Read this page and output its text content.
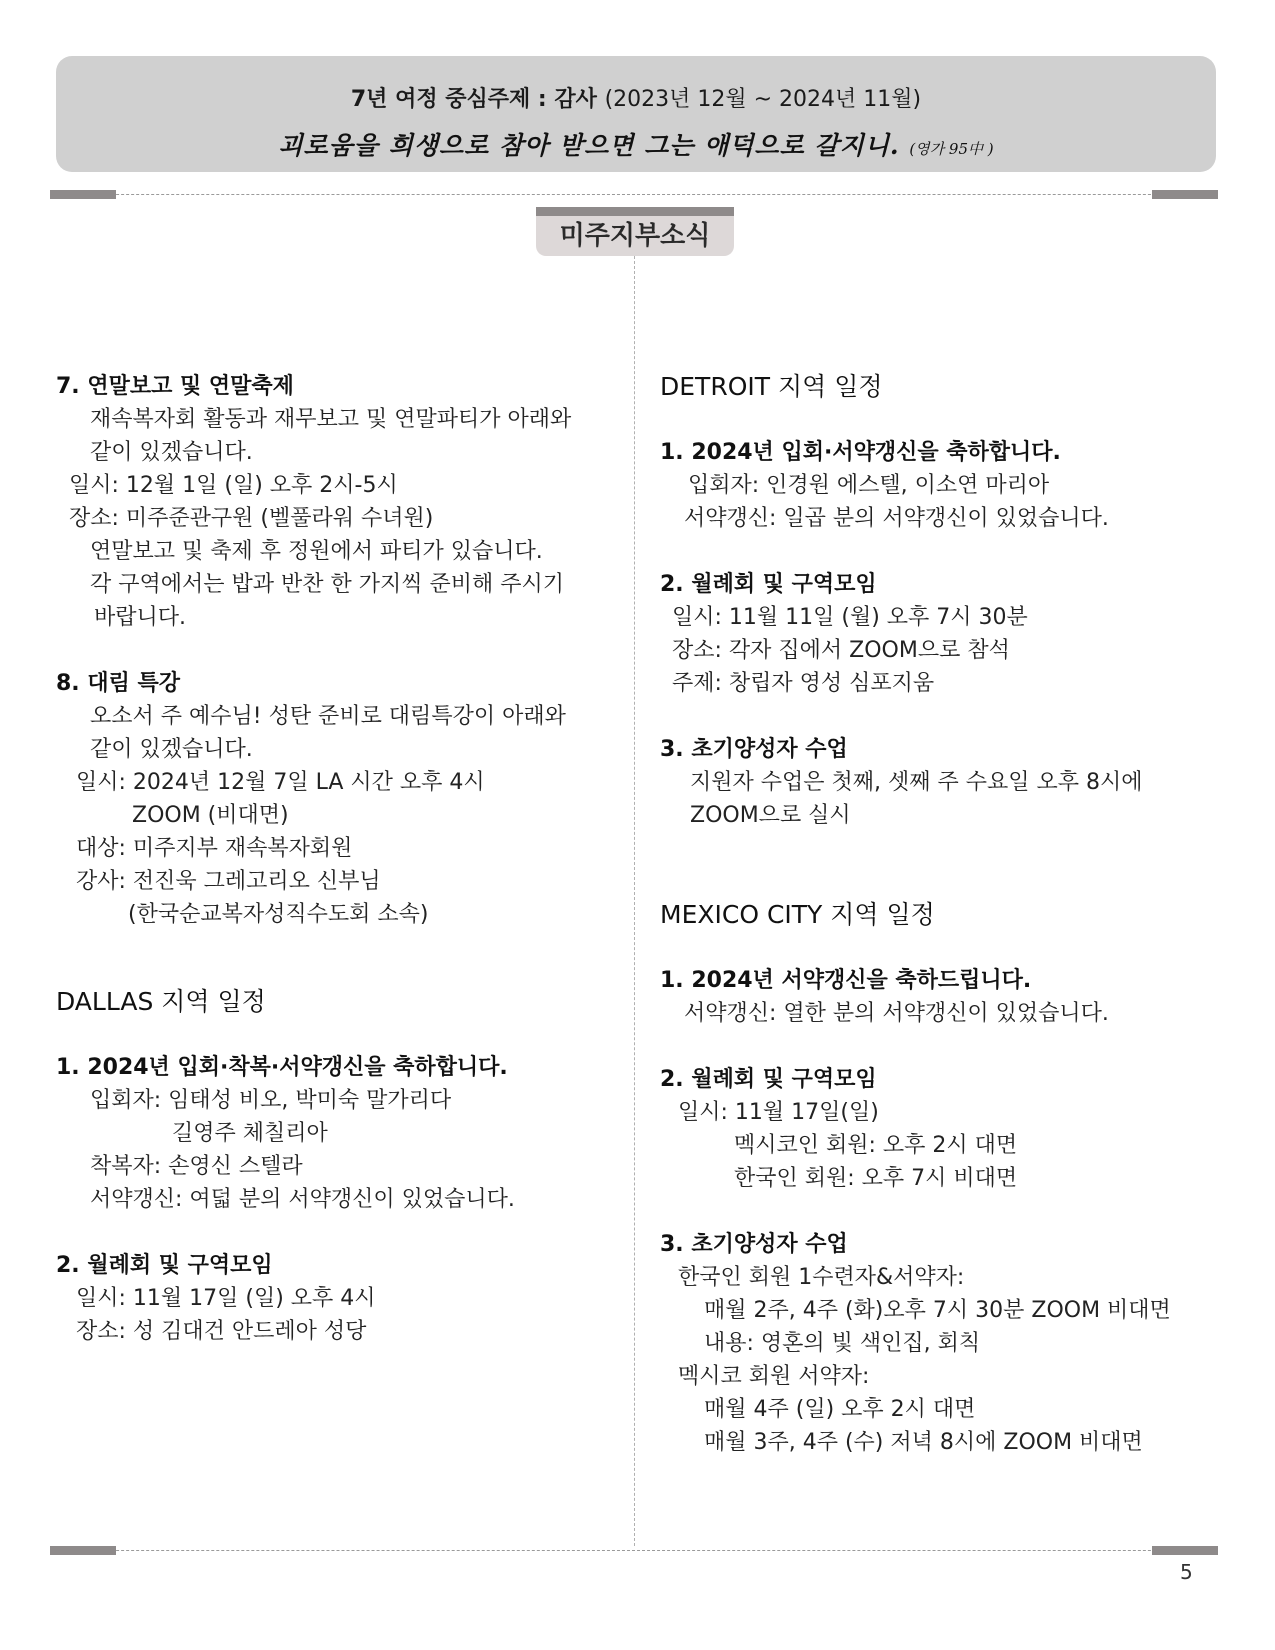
7년 여정 중심주제 : 감사 (2023년 12월 ~ 2024년 11월)
괴로움을 희생으로 참아 받으면 그는 애덕으로 갈지니. (영가 95中 )
미주지부소식
7. 연말보고 및 연말축제
재속복자회 활동과 재무보고 및 연말파티가 아래와
같이 있겠습니다.
일시: 12월 1일 (일) 오후 2시-5시
장소: 미주준관구원 (벨풀라워 수녀원)
연말보고 및 축제 후 정원에서 파티가 있습니다.
각 구역에서는 밥과 반찬 한 가지씩 준비해 주시기
바랍니다.
8. 대림 특강
오소서 주 예수님! 성탄 준비로 대림특강이 아래와
같이 있겠습니다.
일시: 2024년 12월 7일 LA 시간 오후 4시
ZOOM (비대면)
대상: 미주지부 재속복자회원
강사: 전진욱 그레고리오 신부님
(한국순교복자성직수도회 소속)
DALLAS 지역 일정
1. 2024년 입회·착복·서약갱신을 축하합니다.
입회자: 임태성 비오, 박미숙 말가리다
길영주 체칠리아
착복자: 손영신 스텔라
서약갱신: 여덟 분의 서약갱신이 있었습니다.
2. 월례회 및 구역모임
일시: 11월 17일 (일) 오후 4시
장소: 성 김대건 안드레아 성당
DETROIT 지역 일정
1. 2024년 입회·서약갱신을 축하합니다.
입회자: 인경원 에스텔, 이소연 마리아
서약갱신: 일곱 분의 서약갱신이 있었습니다.
2. 월례회 및 구역모임
일시: 11월 11일 (월) 오후 7시 30분
장소: 각자 집에서 ZOOM으로 참석
주제: 창립자 영성 심포지움
3. 초기양성자 수업
지원자 수업은 첫째, 셋째 주 수요일 오후 8시에
ZOOM으로 실시
MEXICO CITY 지역 일정
1. 2024년 서약갱신을 축하드립니다.
서약갱신: 열한 분의 서약갱신이 있었습니다.
2. 월례회 및 구역모임
일시: 11월 17일(일)
멕시코인 회원: 오후 2시 대면
한국인 회원: 오후 7시 비대면
3. 초기양성자 수업
한국인 회원 1수련자&서약자:
매월 2주, 4주 (화)오후 7시 30분 ZOOM 비대면
내용: 영혼의 빛 색인집, 회칙
멕시코 회원 서약자:
매월 4주 (일) 오후 2시 대면
매월 3주, 4주 (수) 저녁 8시에 ZOOM 비대면
5
